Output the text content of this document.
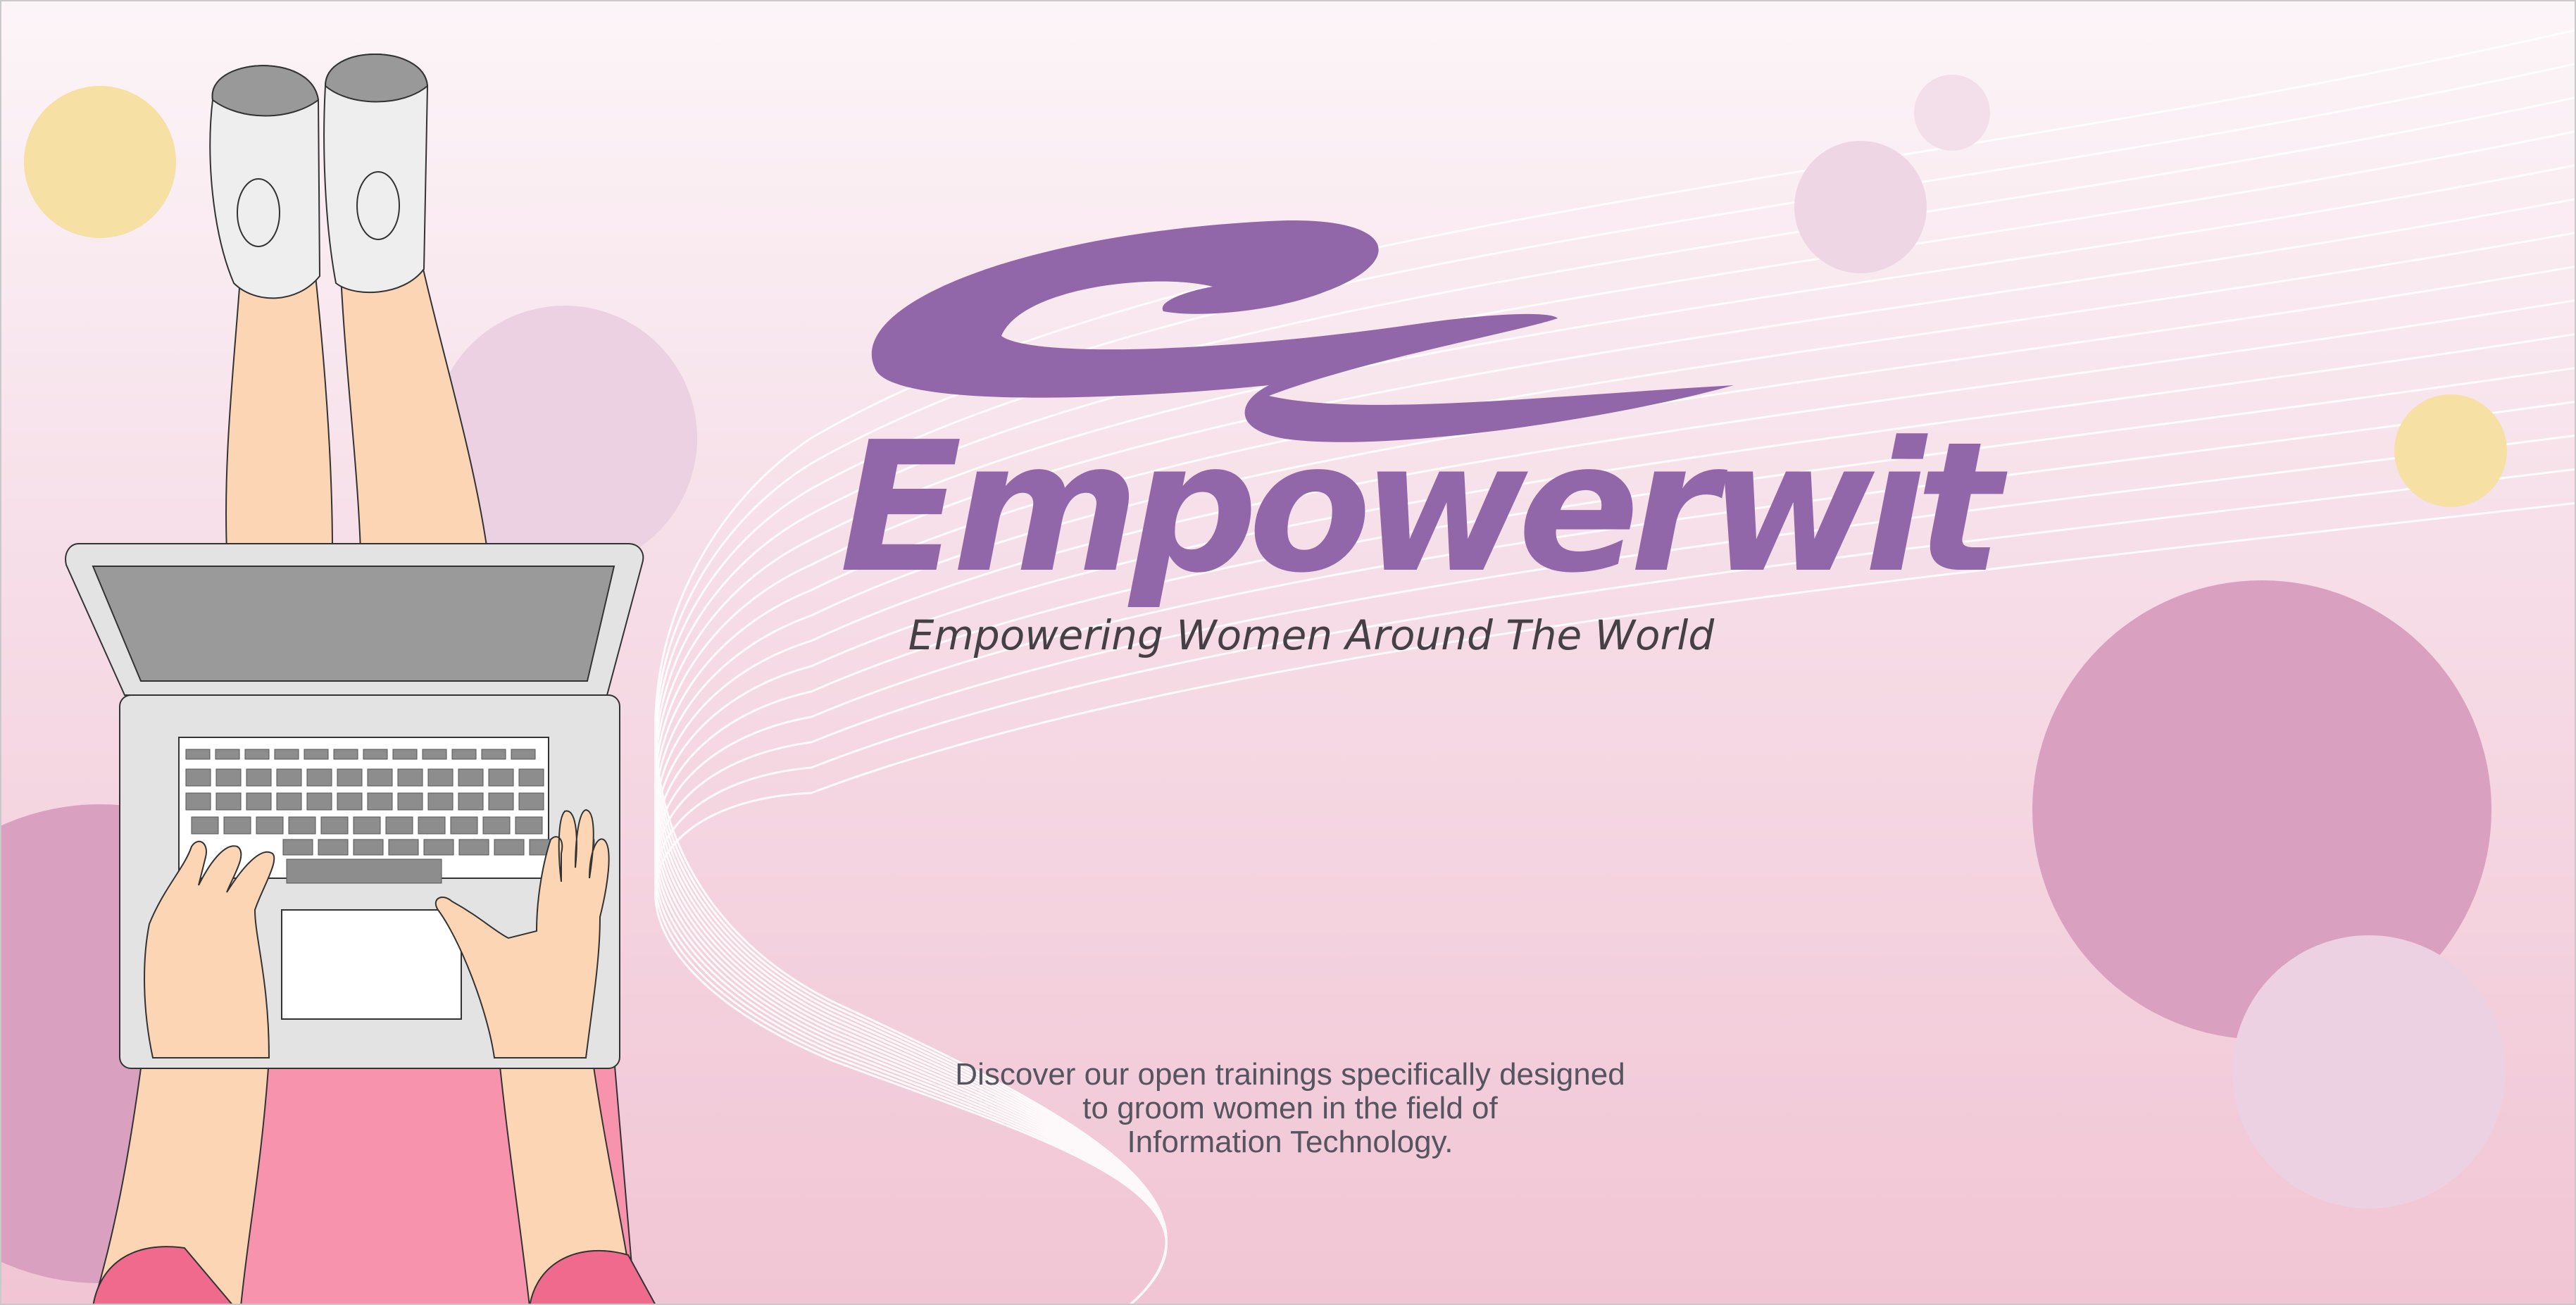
Empowerwit

Empowering Women Around The World

Discover our open trainings specifically designed
to groom women in the field of
Information Technology.
